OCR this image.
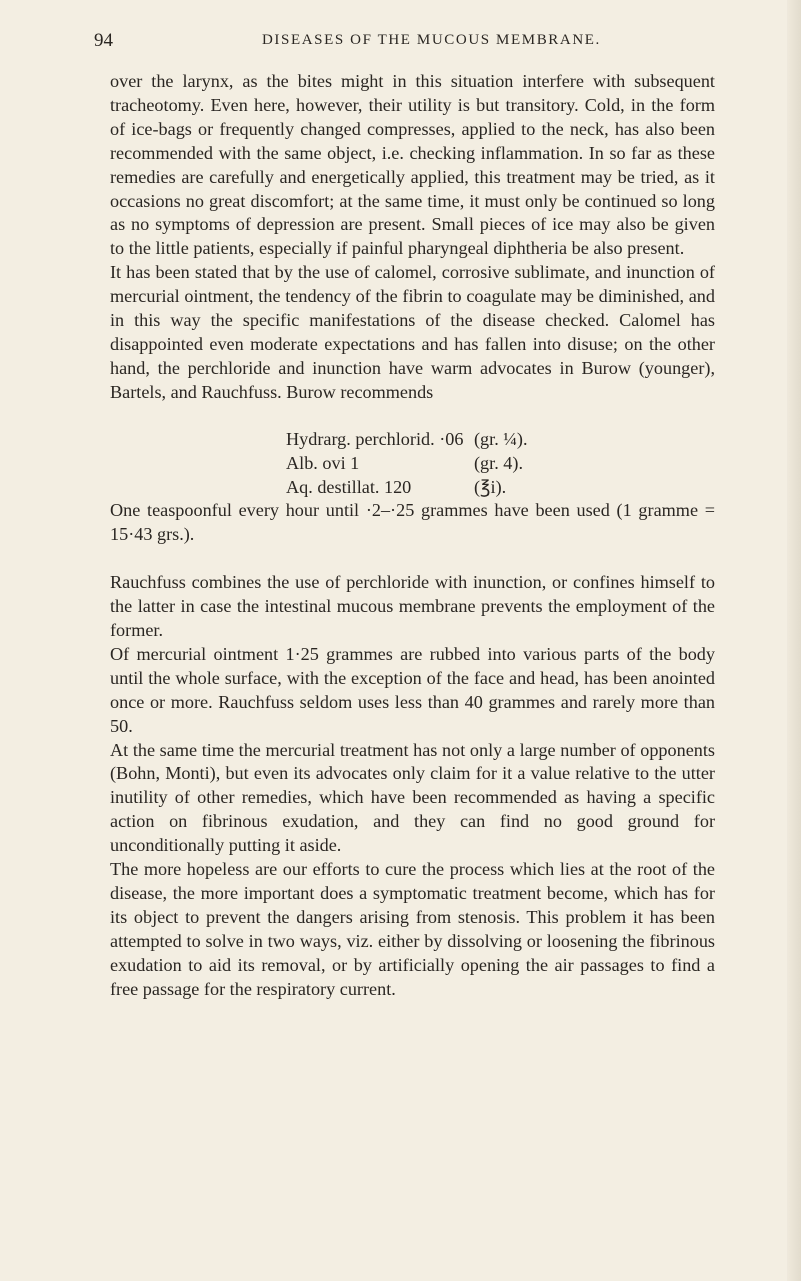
94	DISEASES OF THE MUCOUS MEMBRANE.

over the larynx, as the bites might in this situation interfere with subsequent tracheotomy. Even here, however, their utility is but transitory. Cold, in the form of ice-bags or frequently changed compresses, applied to the neck, has also been recommended with the same object, i.e. checking inflammation. In so far as these remedies are carefully and energetically applied, this treatment may be tried, as it occasions no great discomfort; at the same time, it must only be continued so long as no symptoms of depression are present. Small pieces of ice may also be given to the little patients, especially if painful pharyngeal diphtheria be also present.

It has been stated that by the use of calomel, corrosive sublimate, and inunction of mercurial ointment, the tendency of the fibrin to coagulate may be diminished, and in this way the specific manifestations of the disease checked. Calomel has disappointed even moderate expectations and has fallen into disuse; on the other hand, the perchloride and inunction have warm advocates in Burow (younger), Bartels, and Rauchfuss. Burow recommends

Hydrarg. perchlorid. ·06 (gr. ¼).
Alb. ovi 1	(gr. 4).
Aq. destillat. 120	(℥i).

One teaspoonful every hour until ·2–·25 grammes have been used (1 gramme = 15·43 grs.).

Rauchfuss combines the use of perchloride with inunction, or confines himself to the latter in case the intestinal mucous membrane prevents the employment of the former.

Of mercurial ointment 1·25 grammes are rubbed into various parts of the body until the whole surface, with the exception of the face and head, has been anointed once or more. Rauchfuss seldom uses less than 40 grammes and rarely more than 50.

At the same time the mercurial treatment has not only a large number of opponents (Bohn, Monti), but even its advocates only claim for it a value relative to the utter inutility of other remedies, which have been recommended as having a specific action on fibrinous exudation, and they can find no good ground for unconditionally putting it aside.

The more hopeless are our efforts to cure the process which lies at the root of the disease, the more important does a symptomatic treatment become, which has for its object to prevent the dangers arising from stenosis. This problem it has been attempted to solve in two ways, viz. either by dissolving or loosening the fibrinous exudation to aid its removal, or by artificially opening the air passages to find a free passage for the respiratory current.
